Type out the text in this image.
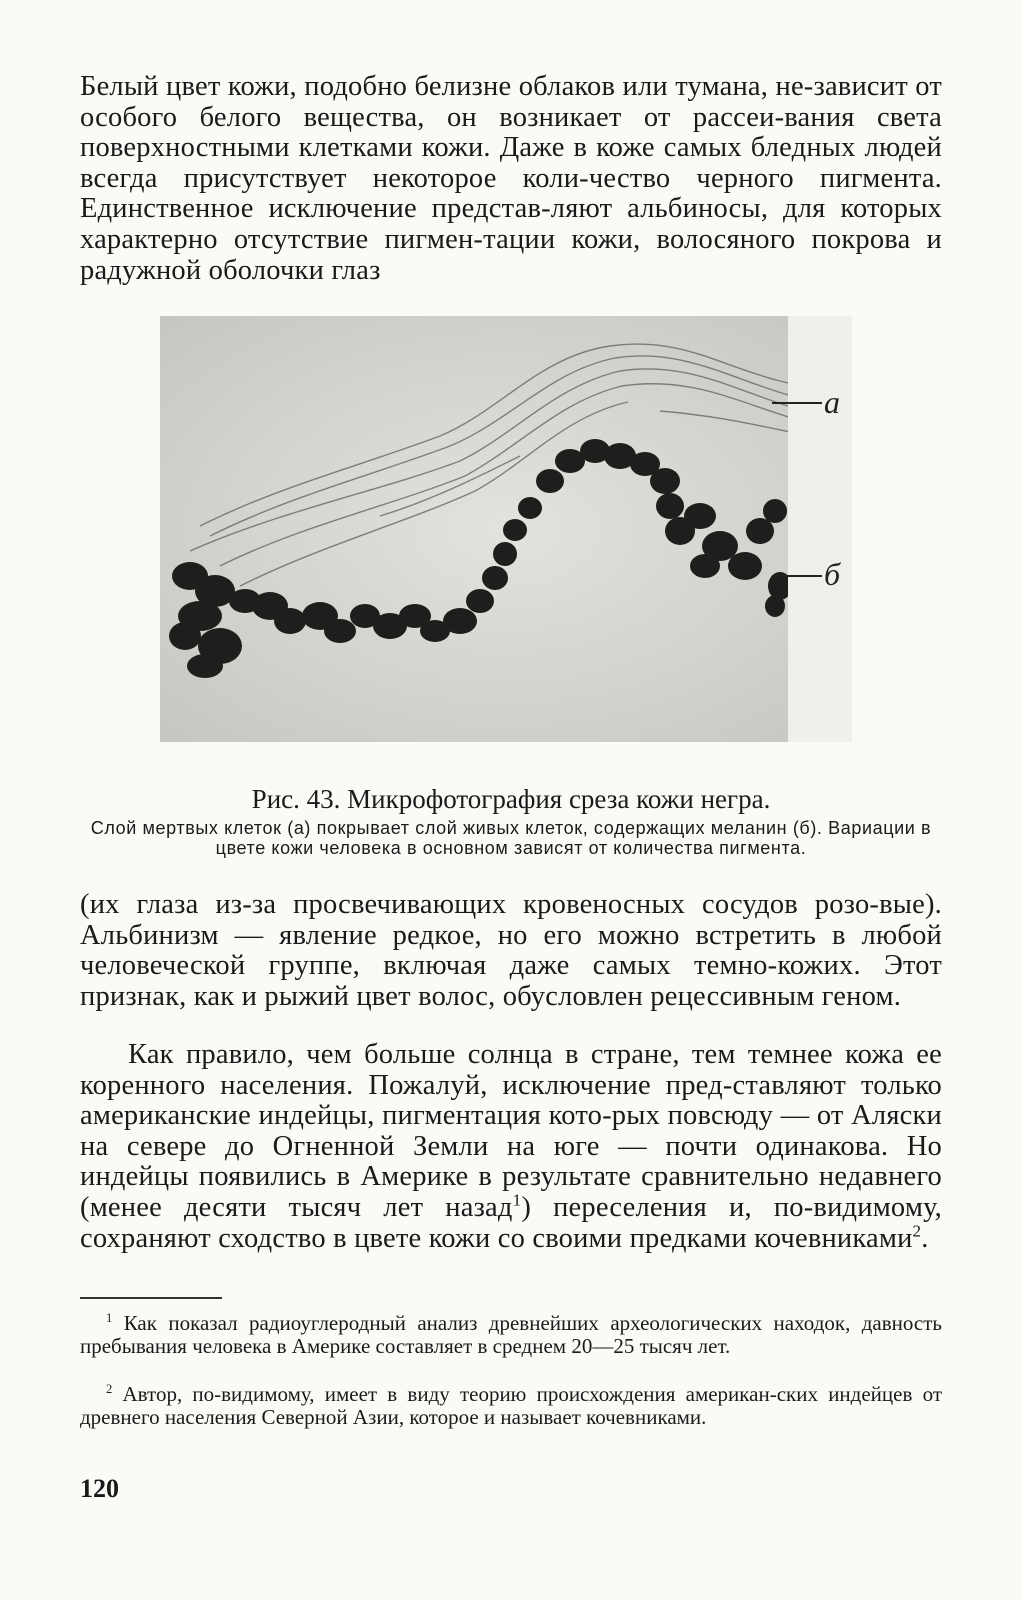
Белый цвет кожи, подобно белизне облаков или тумана, не-зависит от особого белого вещества, он возникает от рассеи-вания света поверхностными клетками кожи. Даже в коже самых бледных людей всегда присутствует некоторое коли-чество черного пигмента. Единственное исключение представ-ляют альбиносы, для которых характерно отсутствие пигмен-тации кожи, волосяного покрова и радужной оболочки глаз

а
б

Рис. 43. Микрофотография среза кожи негра.

Слой мертвых клеток (а) покрывает слой живых клеток, содержащих меланин (б). Вариации в цвете кожи человека в основном зависят от количества пигмента.

(их глаза из-за просвечивающих кровеносных сосудов розо-вые). Альбинизм — явление редкое, но его можно встретить в любой человеческой группе, включая даже самых темно-кожих. Этот признак, как и рыжий цвет волос, обусловлен рецессивным геном.

Как правило, чем больше солнца в стране, тем темнее кожа ее коренного населения. Пожалуй, исключение пред-ставляют только американские индейцы, пигментация кото-рых повсюду — от Аляски на севере до Огненной Земли на юге — почти одинакова. Но индейцы появились в Америке в результате сравнительно недавнего (менее десяти тысяч лет назад$^1$) переселения и, по-видимому, сохраняют сходство в цвете кожи со своими предками кочевниками$^2$.

$^1$ Как показал радиоуглеродный анализ древнейших археологических находок, давность пребывания человека в Америке составляет в среднем 20—25 тысяч лет.

$^2$ Автор, по-видимому, имеет в виду теорию происхождения американ-ских индейцев от древнего населения Северной Азии, которое и называет кочевниками.

120
